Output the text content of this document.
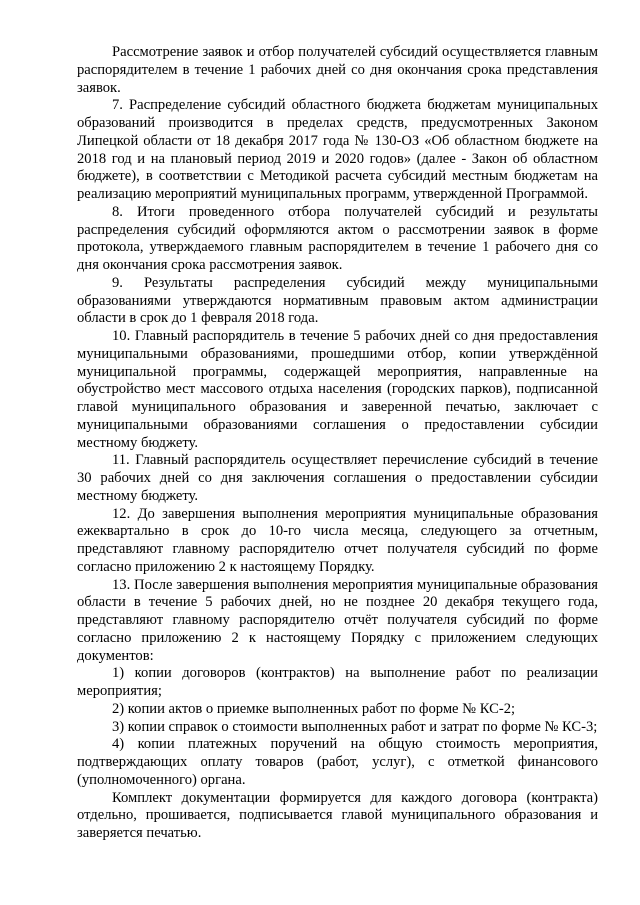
Рассмотрение заявок и отбор получателей субсидий осуществляется главным распорядителем в течение 1 рабочих дней со дня окончания срока представления заявок.

7. Распределение субсидий областного бюджета бюджетам муниципальных образований производится в пределах средств, предусмотренных Законом Липецкой области от 18 декабря 2017 года № 130-ОЗ «Об областном бюджете на 2018 год и на плановый период 2019 и 2020 годов» (далее - Закон об областном бюджете), в соответствии с Методикой расчета субсидий местным бюджетам на реализацию мероприятий муниципальных программ, утвержденной Программой.

8. Итоги проведенного отбора получателей субсидий и результаты распределения субсидий оформляются актом о рассмотрении заявок в форме протокола, утверждаемого главным распорядителем в течение 1 рабочего дня со дня окончания срока рассмотрения заявок.

9. Результаты распределения субсидий между муниципальными образованиями утверждаются нормативным правовым актом администрации области в срок до 1 февраля 2018 года.

10. Главный распорядитель в течение 5 рабочих дней со дня предоставления муниципальными образованиями, прошедшими отбор, копии утверждённой муниципальной программы, содержащей мероприятия, направленные на обустройство мест массового отдыха населения (городских парков), подписанной главой муниципального образования и заверенной печатью, заключает с муниципальными образованиями соглашения о предоставлении субсидии местному бюджету.

11. Главный распорядитель осуществляет перечисление субсидий в течение 30 рабочих дней со дня заключения соглашения о предоставлении субсидии местному бюджету.

12. До завершения выполнения мероприятия муниципальные образования ежеквартально в срок до 10-го числа месяца, следующего за отчетным, представляют главному распорядителю отчет получателя субсидий по форме согласно приложению 2 к настоящему Порядку.

13. После завершения выполнения мероприятия муниципальные образования области в течение 5 рабочих дней, но не позднее 20 декабря текущего года, представляют главному распорядителю отчёт получателя субсидий по форме согласно приложению 2 к настоящему Порядку с приложением следующих документов:

1) копии договоров (контрактов) на выполнение работ по реализации мероприятия;

2) копии актов о приемке выполненных работ по форме № КС-2;

3) копии справок о стоимости выполненных работ и затрат по форме № КС-3;

4) копии платежных поручений на общую стоимость мероприятия, подтверждающих оплату товаров (работ, услуг), с отметкой финансового (уполномоченного) органа.

Комплект документации формируется для каждого договора (контракта) отдельно, прошивается, подписывается главой муниципального образования и заверяется печатью.
